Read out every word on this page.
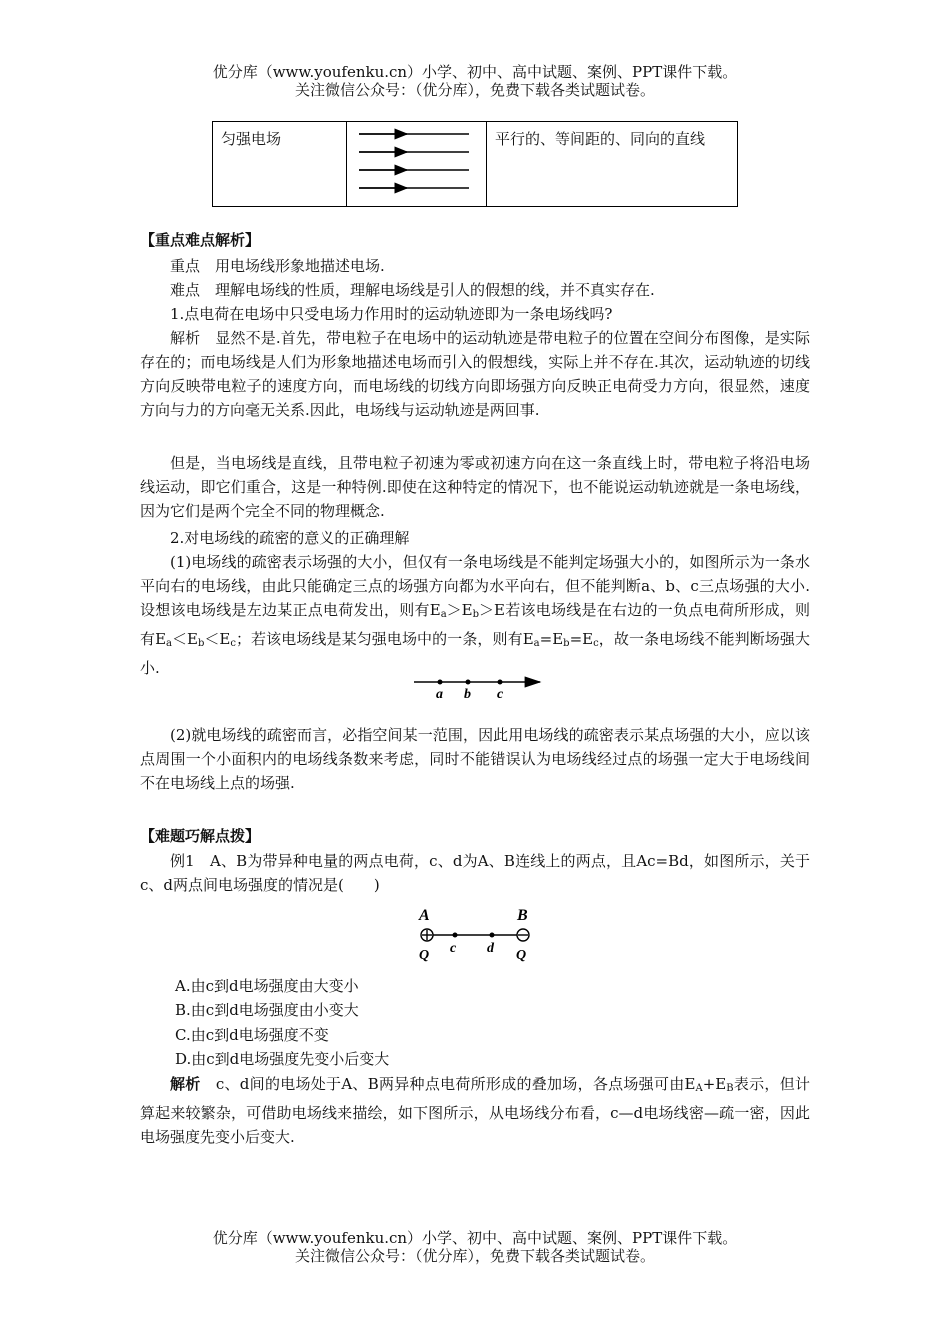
优分库（www.youfenku.cn）小学、初中、高中试题、案例、PPT课件下载。
关注微信公众号：（优分库），免费下载各类试题试卷。
匀强电场		平行的、等间距的、同向的直线
【重点难点解析】
重点　用电场线形象地描述电场.
难点　理解电场线的性质，理解电场线是引人的假想的线，并不真实存在.
1.点电荷在电场中只受电场力作用时的运动轨迹即为一条电场线吗?
解析　显然不是.首先，带电粒子在电场中的运动轨迹是带电粒子的位置在空间分布图像，是实际存在的；而电场线是人们为形象地描述电场而引入的假想线，实际上并不存在.其次，运动轨迹的切线方向反映带电粒子的速度方向，而电场线的切线方向即场强方向反映正电荷受力方向，很显然，速度方向与力的方向毫无关系.因此，电场线与运动轨迹是两回事.
但是，当电场线是直线，且带电粒子初速为零或初速方向在这一条直线上时，带电粒子将沿电场线运动，即它们重合，这是一种特例.即使在这种特定的情况下，也不能说运动轨迹就是一条电场线，因为它们是两个完全不同的物理概念.
2.对电场线的疏密的意义的正确理解
(1)电场线的疏密表示场强的大小，但仅有一条电场线是不能判定场强大小的，如图所示为一条水平向右的电场线，由此只能确定三点的场强方向都为水平向右，但不能判断a、b、c三点场强的大小.设想该电场线是左边某正点电荷发出，则有$E_a>E_b>E$若该电场线是在右边的一负点电荷所形成，则有$E_a<E_b<E_c$；若该电场线是某匀强电场中的一条，则有$E_a=E_b=E_c$，故一条电场线不能判断场强大小.
a b c
(2)就电场线的疏密而言，必指空间某一范围，因此用电场线的疏密表示某点场强的大小，应以该点周围一个小面积内的电场线条数来考虑，同时不能错误认为电场线经过点的场强一定大于电场线间不在电场线上点的场强.
【难题巧解点拨】
例1　A、B为带异种电量的两点电荷，c、d为A、B连线上的两点，且Ac=Bd，如图所示，关于c、d两点间电场强度的情况是(　　)
A	B
c d
Q	Q
A.由c到d电场强度由大变小
B.由c到d电场强度由小变大
C.由c到d电场强度不变
D.由c到d电场强度先变小后变大
解析　c、d间的电场处于A、B两异种点电荷所形成的叠加场，各点场强可由$E_A+E_B$表示，但计算起来较繁杂，可借助电场线来描绘，如下图所示，从电场线分布看，c—d电场线密—疏一密，因此电场强度先变小后变大.
优分库（www.youfenku.cn）小学、初中、高中试题、案例、PPT课件下载。
关注微信公众号：（优分库），免费下载各类试题试卷。
